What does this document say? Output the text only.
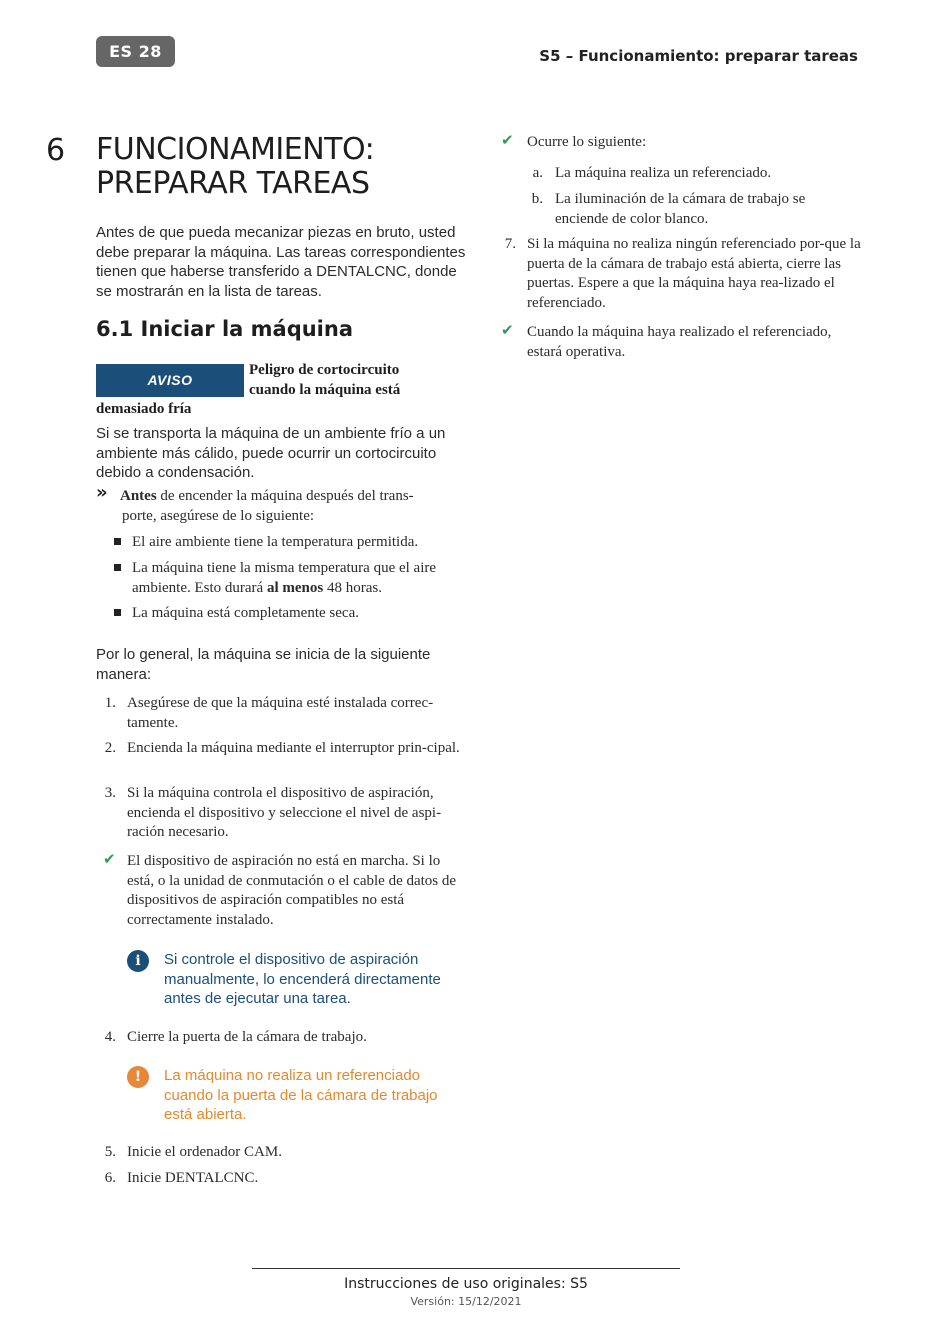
ES 28	S5 – Funcionamiento: preparar tareas
6 FUNCIONAMIENTO:
PREPARAR TAREAS

Antes de que pueda mecanizar piezas en bruto, usted debe preparar la máquina. Las tareas correspondientes tienen que haberse transferido a DENTALCNC, donde se mostrarán en la lista de tareas.

6.1 Iniciar la máquina
AVISO
Peligro de cortocircuito cuando la máquina está
demasiado fría

Si se transporta la máquina de un ambiente frío a un ambiente más cálido, puede ocurrir un cortocircuito debido a condensación.

» Antes de encender la máquina después del trans-
porte, asegúrese de lo siguiente:
El aire ambiente tiene la temperatura permitida.
La máquina tiene la misma temperatura que el aire
ambiente. Esto durará al menos 48 horas.
La máquina está completamente seca.

Por lo general, la máquina se inicia de la siguiente manera:

1. Asegúrese de que la máquina esté instalada correc-tamente.
2. Encienda la máquina mediante el interruptor prin-cipal.
3. Si la máquina controla el dispositivo de aspiración, encienda el dispositivo y seleccione el nivel de aspi-ración necesario.
✔ El dispositivo de aspiración no está en marcha. Si lo está, o la unidad de conmutación o el cable de datos de dispositivos de aspiración compatibles no está correctamente instalado.
i	Si controle el dispositivo de aspiración manualmente, lo encenderá directamente antes de ejecutar una tarea.
4. Cierre la puerta de la cámara de trabajo.
!	La máquina no realiza un referenciado cuando la puerta de la cámara de trabajo está abierta.
5. Inicie el ordenador CAM.
6. Inicie DENTALCNC.
✔ Ocurre lo siguiente:
a. La máquina realiza un referenciado.
b. La iluminación de la cámara de trabajo se enciende de color blanco.
7. Si la máquina no realiza ningún referenciado por-que la puerta de la cámara de trabajo está abierta, cierre las puertas. Espere a que la máquina haya rea-lizado el referenciado.
✔ Cuando la máquina haya realizado el referenciado, estará operativa.
Instrucciones de uso originales: S5
Versión: 15/12/2021
